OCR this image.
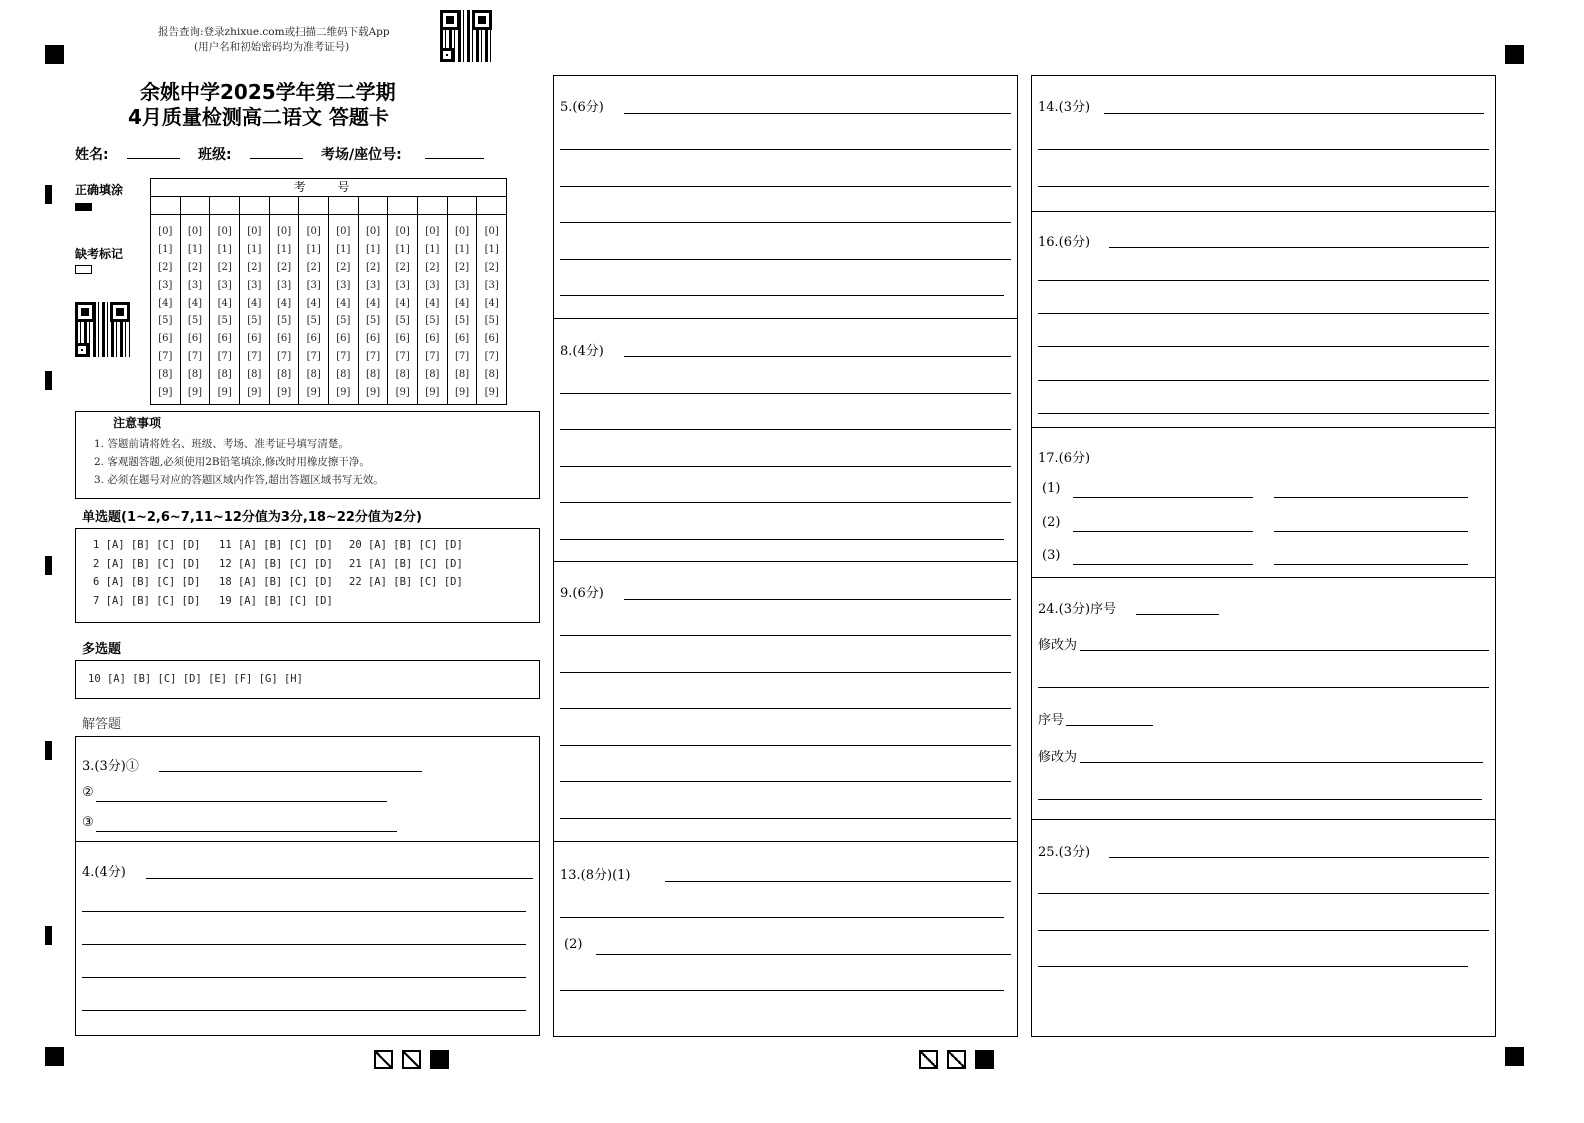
报告查询:登录zhixue.com或扫描二维码下载App
(用户名和初始密码均为准考证号)
余姚中学2025学年第二学期
4月质量检测高二语文 答题卡
姓名:	班级:	考场/座位号:
正确填涂
缺考标记
考 号
[0]
[1]
[2]
[3]
[4]
[5]
[6]
[7]
[8]
[9]
[0]
[1]
[2]
[3]
[4]
[5]
[6]
[7]
[8]
[9]
[0]
[1]
[2]
[3]
[4]
[5]
[6]
[7]
[8]
[9]
[0]
[1]
[2]
[3]
[4]
[5]
[6]
[7]
[8]
[9]
[0]
[1]
[2]
[3]
[4]
[5]
[6]
[7]
[8]
[9]
[0]
[1]
[2]
[3]
[4]
[5]
[6]
[7]
[8]
[9]
[0]
[1]
[2]
[3]
[4]
[5]
[6]
[7]
[8]
[9]
[0]
[1]
[2]
[3]
[4]
[5]
[6]
[7]
[8]
[9]
[0]
[1]
[2]
[3]
[4]
[5]
[6]
[7]
[8]
[9]
[0]
[1]
[2]
[3]
[4]
[5]
[6]
[7]
[8]
[9]
[0]
[1]
[2]
[3]
[4]
[5]
[6]
[7]
[8]
[9]
[0]
[1]
[2]
[3]
[4]
[5]
[6]
[7]
[8]
[9]
注意事项
1. 答题前请将姓名、班级、考场、准考证号填写清楚。
2. 客观题答题,必须使用2B铅笔填涂,修改时用橡皮擦干净。
3. 必须在题号对应的答题区域内作答,超出答题区域书写无效。
单选题(1~2,6~7,11~12分值为3分,18~22分值为2分)
1 [A] [B] [C] [D]
2 [A] [B] [C] [D]
6 [A] [B] [C] [D]
7 [A] [B] [C] [D]
11 [A] [B] [C] [D]
12 [A] [B] [C] [D]
18 [A] [B] [C] [D]
19 [A] [B] [C] [D]
20 [A] [B] [C] [D]
21 [A] [B] [C] [D]
22 [A] [B] [C] [D]
多选题
10 [A] [B] [C] [D] [E] [F] [G] [H]
解答题
3.(3分)①
②
③
4.(4分)
5.(6分)
8.(4分)
9.(6分)
13.(8分)(1)
(2)
14.(3分)
16.(6分)
17.(6分)
(1)
(2)
(3)
24.(3分)序号
修改为
序号
修改为
25.(3分)
